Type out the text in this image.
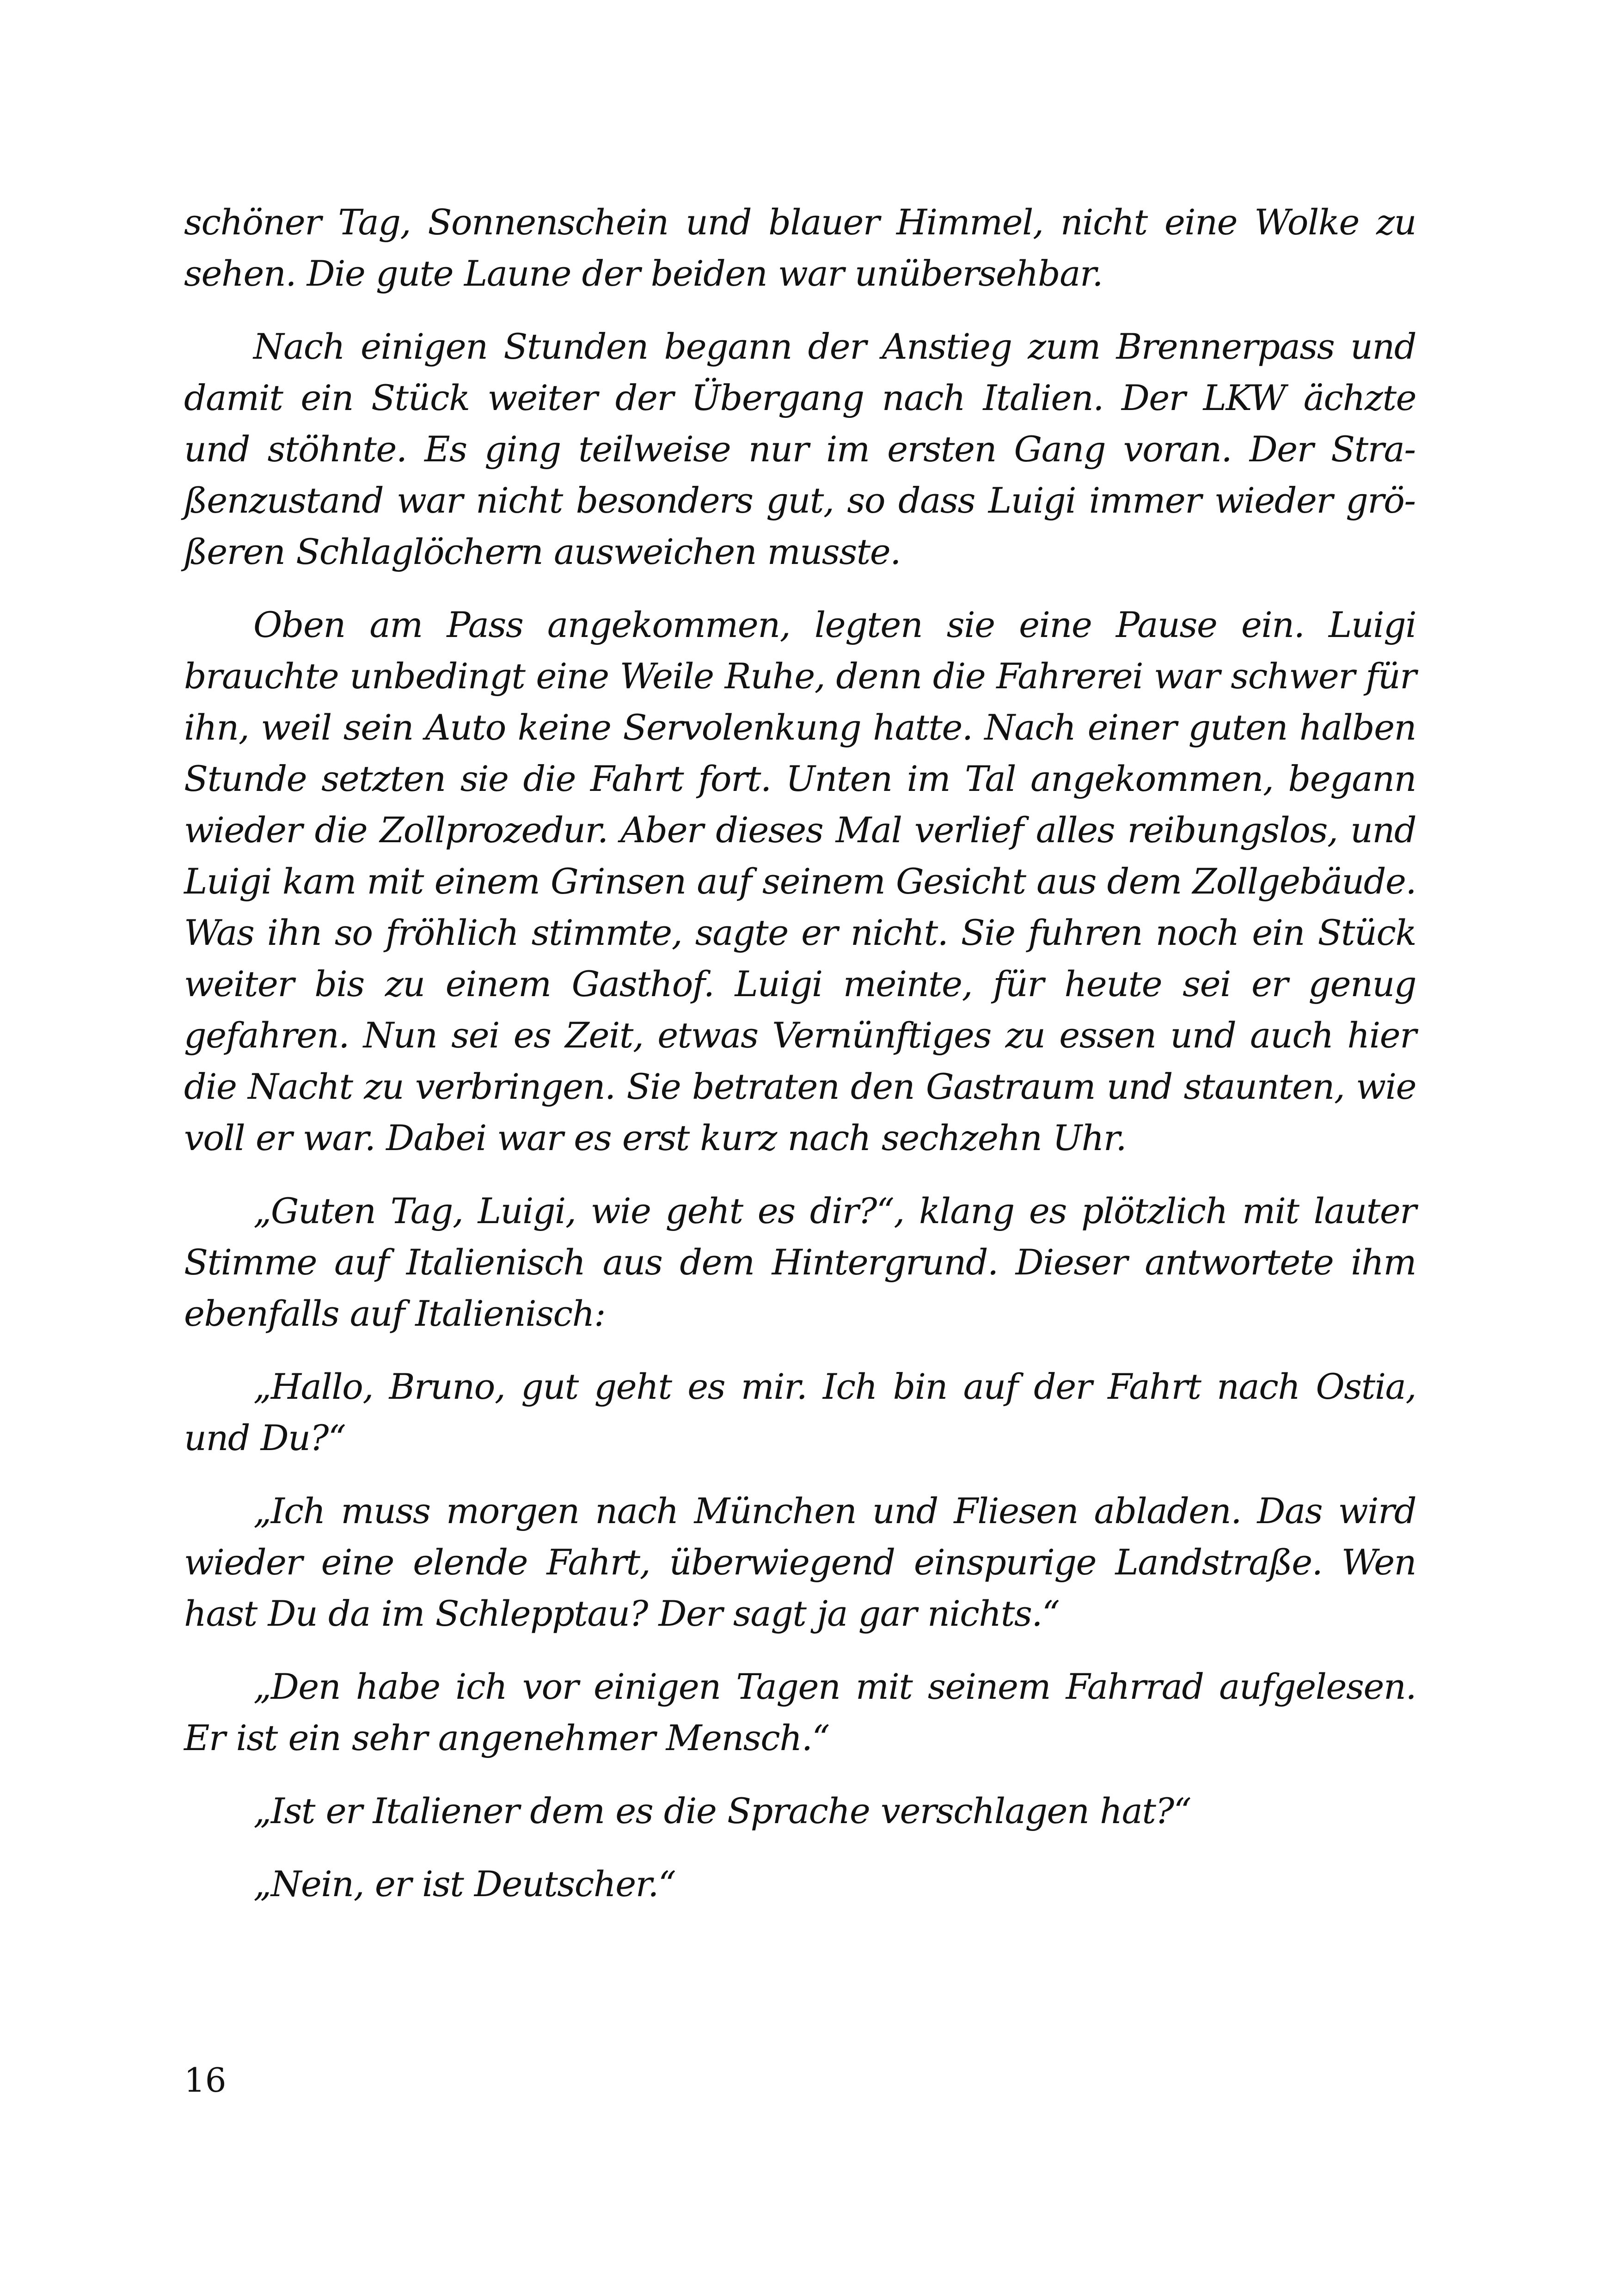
schöner Tag, Sonnenschein und blauer Himmel, nicht eine Wolke zu sehen. Die gute Laune der beiden war unübersehbar.

Nach einigen Stunden begann der Anstieg zum Brennerpass und damit ein Stück weiter der Übergang nach Italien. Der LKW ächzte und stöhnte. Es ging teilweise nur im ersten Gang voran. Der Straßenzustand war nicht besonders gut, so dass Luigi immer wieder größeren Schlaglöchern ausweichen musste.

Oben am Pass angekommen, legten sie eine Pause ein. Luigi brauchte unbedingt eine Weile Ruhe, denn die Fahrerei war schwer für ihn, weil sein Auto keine Servolenkung hatte. Nach einer guten halben Stunde setzten sie die Fahrt fort. Unten im Tal angekommen, begann wieder die Zollprozedur. Aber dieses Mal verlief alles reibungslos, und Luigi kam mit einem Grinsen auf seinem Gesicht aus dem Zollgebäude. Was ihn so fröhlich stimmte, sagte er nicht. Sie fuhren noch ein Stück weiter bis zu einem Gasthof. Luigi meinte, für heute sei er genug gefahren. Nun sei es Zeit, etwas Vernünftiges zu essen und auch hier die Nacht zu verbringen. Sie betraten den Gastraum und staunten, wie voll er war. Dabei war es erst kurz nach sechzehn Uhr.

„Guten Tag, Luigi, wie geht es dir?“, klang es plötzlich mit lauter Stimme auf Italienisch aus dem Hintergrund. Dieser antwortete ihm ebenfalls auf Italienisch:

„Hallo, Bruno, gut geht es mir. Ich bin auf der Fahrt nach Ostia, und Du?“

„Ich muss morgen nach München und Fliesen abladen. Das wird wieder eine elende Fahrt, überwiegend einspurige Landstraße. Wen hast Du da im Schlepptau? Der sagt ja gar nichts.“

„Den habe ich vor einigen Tagen mit seinem Fahrrad aufgelesen. Er ist ein sehr angenehmer Mensch.“

„Ist er Italiener dem es die Sprache verschlagen hat?“

„Nein, er ist Deutscher.“

16
